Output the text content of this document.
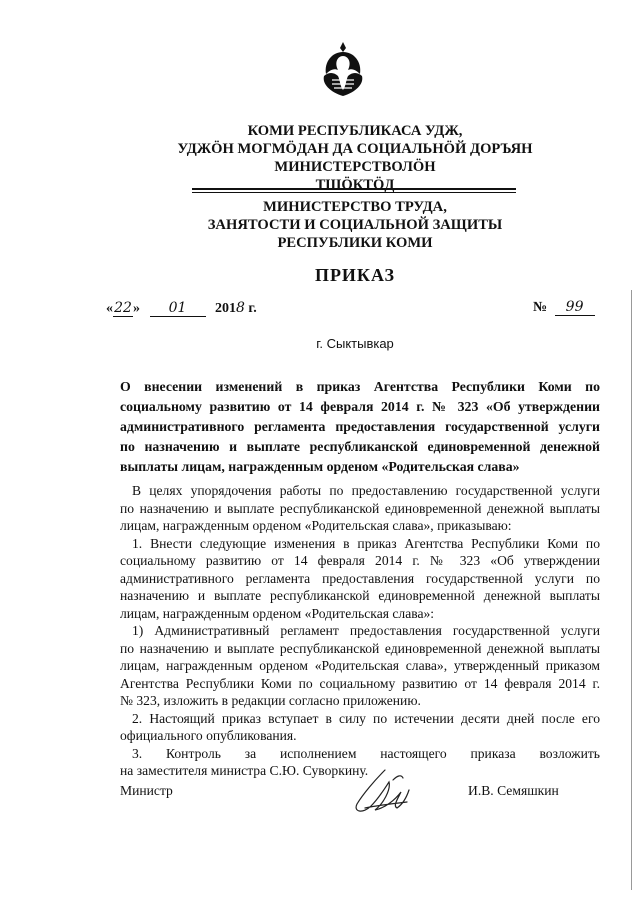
КОМИ РЕСПУБЛИКАСА УДЖ,
УДЖӦН МОГМӦДАН ДА СОЦИАЛЬНӦЙ ДОРЪЯН
МИНИСТЕРСТВОЛӦН
ТШӦКТӦД
МИНИСТЕРСТВО ТРУДА,
ЗАНЯТОСТИ И СОЦИАЛЬНОЙ ЗАЩИТЫ
РЕСПУБЛИКИ КОМИ
ПРИКАЗ
«22» 01 2018 г.	№ 99
г. Сыктывкар
О внесении изменений в приказ Агентства Республики Коми по
социальному развитию от 14 февраля 2014 г. № 323 «Об утверждении
административного регламента предоставления государственной услуги
по назначению и выплате республиканской единовременной денежной
выплаты лицам, награжденным орденом «Родительская слава»
В целях упорядочения работы по предоставлению государственной услуги
по назначению и выплате республиканской единовременной денежной выплаты
лицам, награжденным орденом «Родительская слава», приказываю:
1. Внести следующие изменения в приказ Агентства Республики Коми по
социальному развитию от 14 февраля 2014 г. № 323 «Об утверждении
административного регламента предоставления государственной услуги по
назначению и выплате республиканской единовременной денежной выплаты
лицам, награжденным орденом «Родительская слава»:
1) Административный регламент предоставления государственной услуги
по назначению и выплате республиканской единовременной денежной выплаты
лицам, награжденным орденом «Родительская слава», утвержденный приказом
Агентства Республики Коми по социальному развитию от 14 февраля 2014 г.
№ 323, изложить в редакции согласно приложению.
2. Настоящий приказ вступает в силу по истечении десяти дней после его
официального опубликования.
3. Контроль за исполнением настоящего приказа возложить
на заместителя министра С.Ю. Суворкину.
Министр	И.В. Семяшкин
